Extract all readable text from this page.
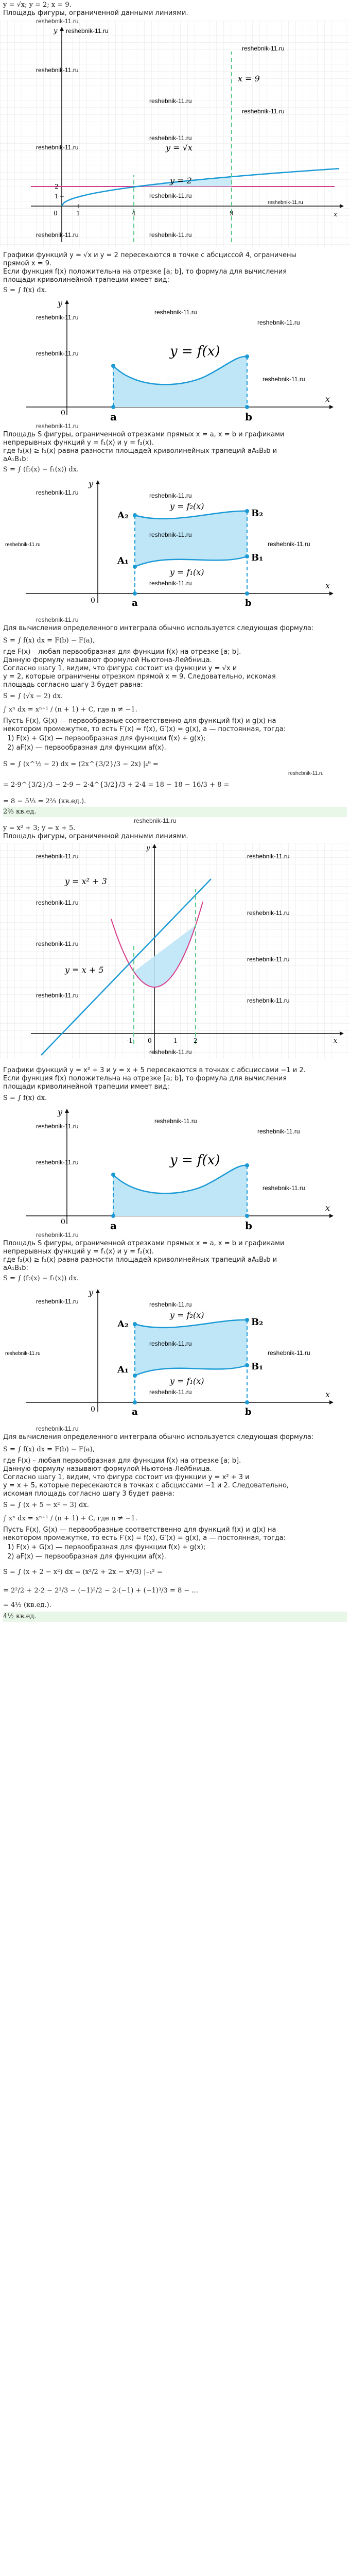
y = √x; y = 2; x = 9.
Площадь фигуры, ограниченной данными линиями.
0	1	4	9
1
2
x
y
x = 9
y = √x
y = 2
reshebnik-11.ru
reshebnik-11.ru
reshebnik-11.ru
reshebnik-11.ru
reshebnik-11.ru
reshebnik-11.ru
reshebnik-11.ru
reshebnik-11.ru
reshebnik-11.ru
reshebnik-11.ru	reshebnik-11.ru
Графики функций y = √x и y = 2 пересекаются в точке с абсциссой 4, ограничены
прямой x = 9.
Если функция f(x) положительна на отрезке [a; b], то формула для вычисления
площади криволинейной трапеции имеет вид:
S = ∫ f(x) dx.
y = f(x)
a	b
x
y
0
reshebnik-11.ru
reshebnik-11.ru
reshebnik-11.ru
reshebnik-11.ru
reshebnik-11.ru
reshebnik-11.ru
Площадь S фигуры, ограниченной отрезками прямых x = a, x = b и графиками
непрерывных функций y = f₁(x) и y = f₂(x).
где f₂(x) ≥ f₁(x) равна разности площадей криволинейных трапеций aA₂B₂b и
aA₁B₁b:
S = ∫ (f₂(x) − f₁(x)) dx.
A₂	B₂
A₁	B₁
y = f₂(x)
y = f₁(x)
a	b
x
y
0
reshebnik-11.ru	reshebnik-11.ru
reshebnik-11.ru
reshebnik-11.ru
reshebnik-11.ru
reshebnik-11.ru
reshebnik-11.ru
Для вычисления определенного интеграла обычно используется следующая формула:
S = ∫ f(x) dx = F(b) − F(a),
где F(x) – любая первообразная для функции f(x) на отрезке [a; b].
Данную формулу называют формулой Ньютона-Лейбница.
Согласно шагу 1, видим, что фигура состоит из функции y = √x и
y = 2, которые ограничены отрезком прямой x = 9. Следовательно, искомая
площадь согласно шагу 3 будет равна:
S = ∫ (√x − 2) dx.
∫ xⁿ dx = xⁿ⁺¹ / (n + 1) + C, где n ≠ −1.
Пусть F(x), G(x) — первообразные соответственно для функций f(x) и g(x) на
некотором промежутке, то есть F′(x) = f(x), G′(x) = g(x), a — постоянная, тогда:
1) F(x) + G(x) — первообразная для функции f(x) + g(x);
2) aF(x) — первообразная для функции af(x).
S = ∫ (x^½ − 2) dx = (2x^{3/2}/3 − 2x) |₄⁹ =
= 2·9^{3/2}/3 − 2·9 − 2·4^{3/2}/3 + 2·4 = 18 − 18 − 16/3 + 8 =
reshebnik-11.ru
= 8 − 5⅓ = 2⅔ (кв.ед.).
2⅔ кв.ед.
reshebnik-11.ru
y = x² + 3; y = x + 5.
Площадь фигуры, ограниченной данными линиями.
-1 0	1	2	x
y
y = x² + 3
y = x + 5
reshebnik-11.ru	reshebnik-11.ru
reshebnik-11.ru
reshebnik-11.ru
reshebnik-11.ru
reshebnik-11.ru
reshebnik-11.ru
reshebnik-11.ru
reshebnik-11.ru
Графики функций y = x² + 3 и y = x + 5 пересекаются в точках с абсциссами −1 и 2.
Если функция f(x) положительна на отрезке [a; b], то формула для вычисления
площади криволинейной трапеции имеет вид:
S = ∫ f(x) dx.
y = f(x)
a	b
x
y
0
reshebnik-11.ru
reshebnik-11.ru
reshebnik-11.ru
reshebnik-11.ru
reshebnik-11.ru
reshebnik-11.ru
Площадь S фигуры, ограниченной отрезками прямых x = a, x = b и графиками
непрерывных функций y = f₁(x) и y = f₂(x).
где f₂(x) ≥ f₁(x) равна разности площадей криволинейных трапеций aA₂B₂b и
aA₁B₁b:
S = ∫ (f₂(x) − f₁(x)) dx.
A₂	B₂
A₁	B₁
y = f₂(x)
y = f₁(x)
a	b
x
y
0
reshebnik-11.ru	reshebnik-11.ru
reshebnik-11.ru
reshebnik-11.ru
reshebnik-11.ru
reshebnik-11.ru
reshebnik-11.ru
Для вычисления определенного интеграла обычно используется следующая формула:
S = ∫ f(x) dx = F(b) − F(a),
где F(x) – любая первообразная для функции f(x) на отрезке [a; b].
Данную формулу называют формулой Ньютона-Лейбница.
Согласно шагу 1, видим, что фигура состоит из функции y = x² + 3 и
y = x + 5, которые пересекаются в точках с абсциссами −1 и 2. Следовательно,
искомая площадь согласно шагу 3 будет равна:
S = ∫ (x + 5 − x² − 3) dx.
∫ xⁿ dx = xⁿ⁺¹ / (n + 1) + C, где n ≠ −1.
Пусть F(x), G(x) — первообразные соответственно для функций f(x) и g(x) на
некотором промежутке, то есть F′(x) = f(x), G′(x) = g(x), a — постоянная, тогда:
1) F(x) + G(x) — первообразная для функции f(x) + g(x);
2) aF(x) — первообразная для функции af(x).
S = ∫ (x + 2 − x²) dx = (x²/2 + 2x − x³/3) |₋₁² =
= 2²/2 + 2·2 − 2³/3 − (−1)²/2 − 2·(−1) + (−1)³/3 = 8 − ...
= 4½ (кв.ед.).
4½ кв.ед.
